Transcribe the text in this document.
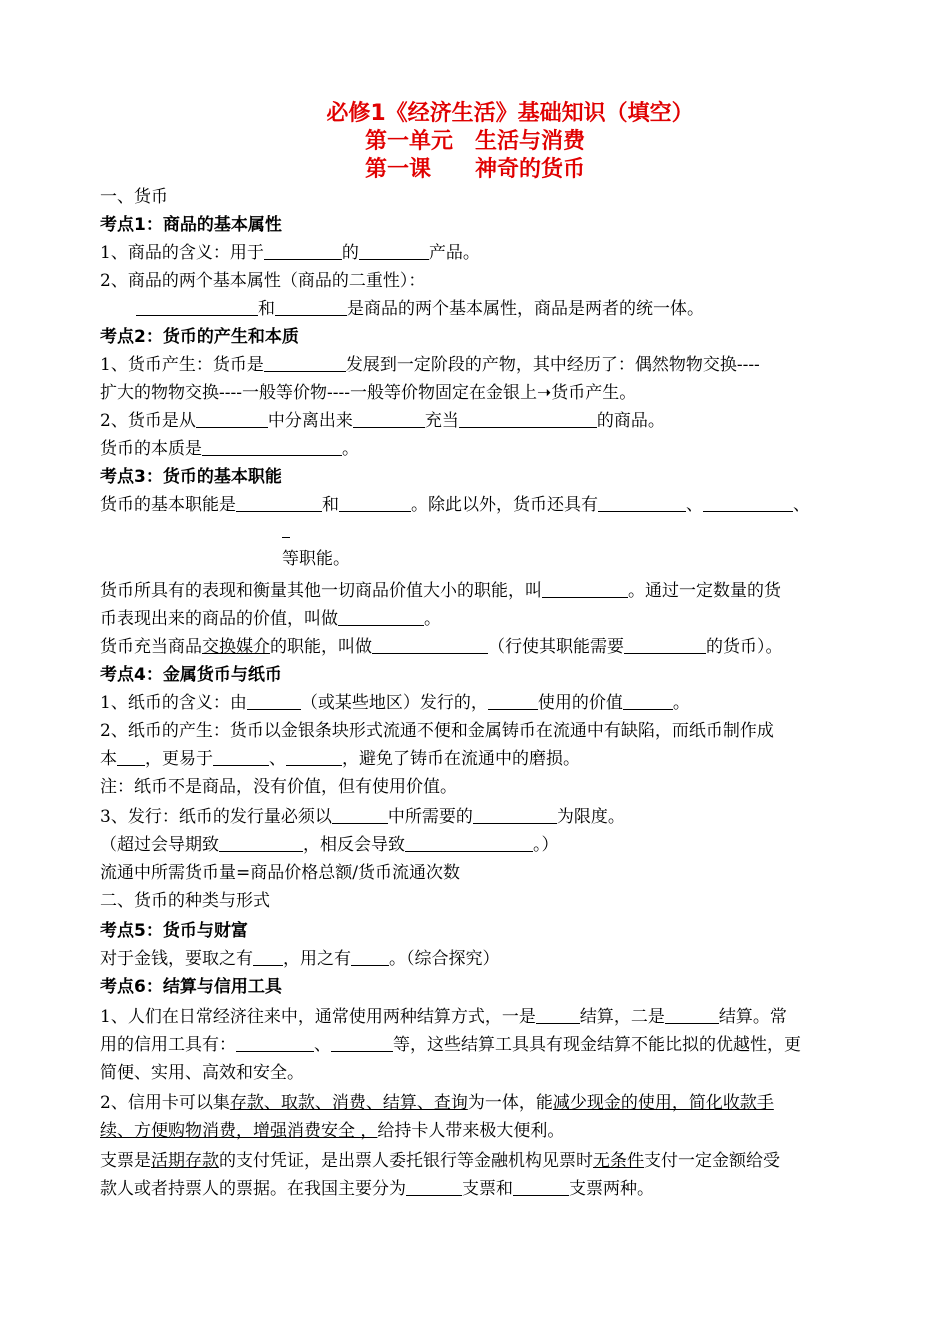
必修1《经济生活》基础知识（填空）
第一单元　生活与消费
第一课　　神奇的货币
一、货币
考点1：商品的基本属性
1、商品的含义：用于	的	产品。
2、商品的两个基本属性（商品的二重性）：
和	是商品的两个基本属性，商品是两者的统一体。
考点2：货币的产生和本质
1、货币产生：货币是	发展到一定阶段的产物，其中经历了：偶然物物交换----
扩大的物物交换----一般等价物----一般等价物固定在金银上➝货币产生。
2、货币是从	中分离出来	充当	的商品。
货币的本质是	。
考点3：货币的基本职能
货币的基本职能是	和	。除此以外，货币还具有	、	、
等职能。
货币所具有的表现和衡量其他一切商品价值大小的职能，叫	。通过一定数量的货
币表现出来的商品的价值，叫做	。
货币充当商品交换媒介的职能，叫做	（行使其职能需要	的货币）。
考点4：金属货币与纸币
1、纸币的含义：由	（或某些地区）发行的，	使用的价值	。
2、纸币的产生：货币以金银条块形式流通不便和金属铸币在流通中有缺陷，而纸币制作成
本 ，更易于	、	，避免了铸币在流通中的磨损。
注：纸币不是商品，没有价值，但有使用价值。
3、发行：纸币的发行量必须以	中所需要的	为限度。
（超过会导期致	，相反会导致	。）
流通中所需货币量=商品价格总额/货币流通次数
二、货币的种类与形式
考点5：货币与财富
对于金钱，要取之有 ，用之有 。（综合探究）
考点6：结算与信用工具
1、人们在日常经济往来中，通常使用两种结算方式，一是	结算，二是	结算。常
用的信用工具有：	、	等，这些结算工具具有现金结算不能比拟的优越性，更
简便、实用、高效和安全。
2、信用卡可以集存款、取款、消费、结算、查询为一体，能减少现金的使用，简化收款手
续、方便购物消费，增强消费安全 ，给持卡人带来极大便利。
支票是活期存款的支付凭证，是出票人委托银行等金融机构见票时无条件支付一定金额给受
款人或者持票人的票据。在我国主要分为	支票和	支票两种。
